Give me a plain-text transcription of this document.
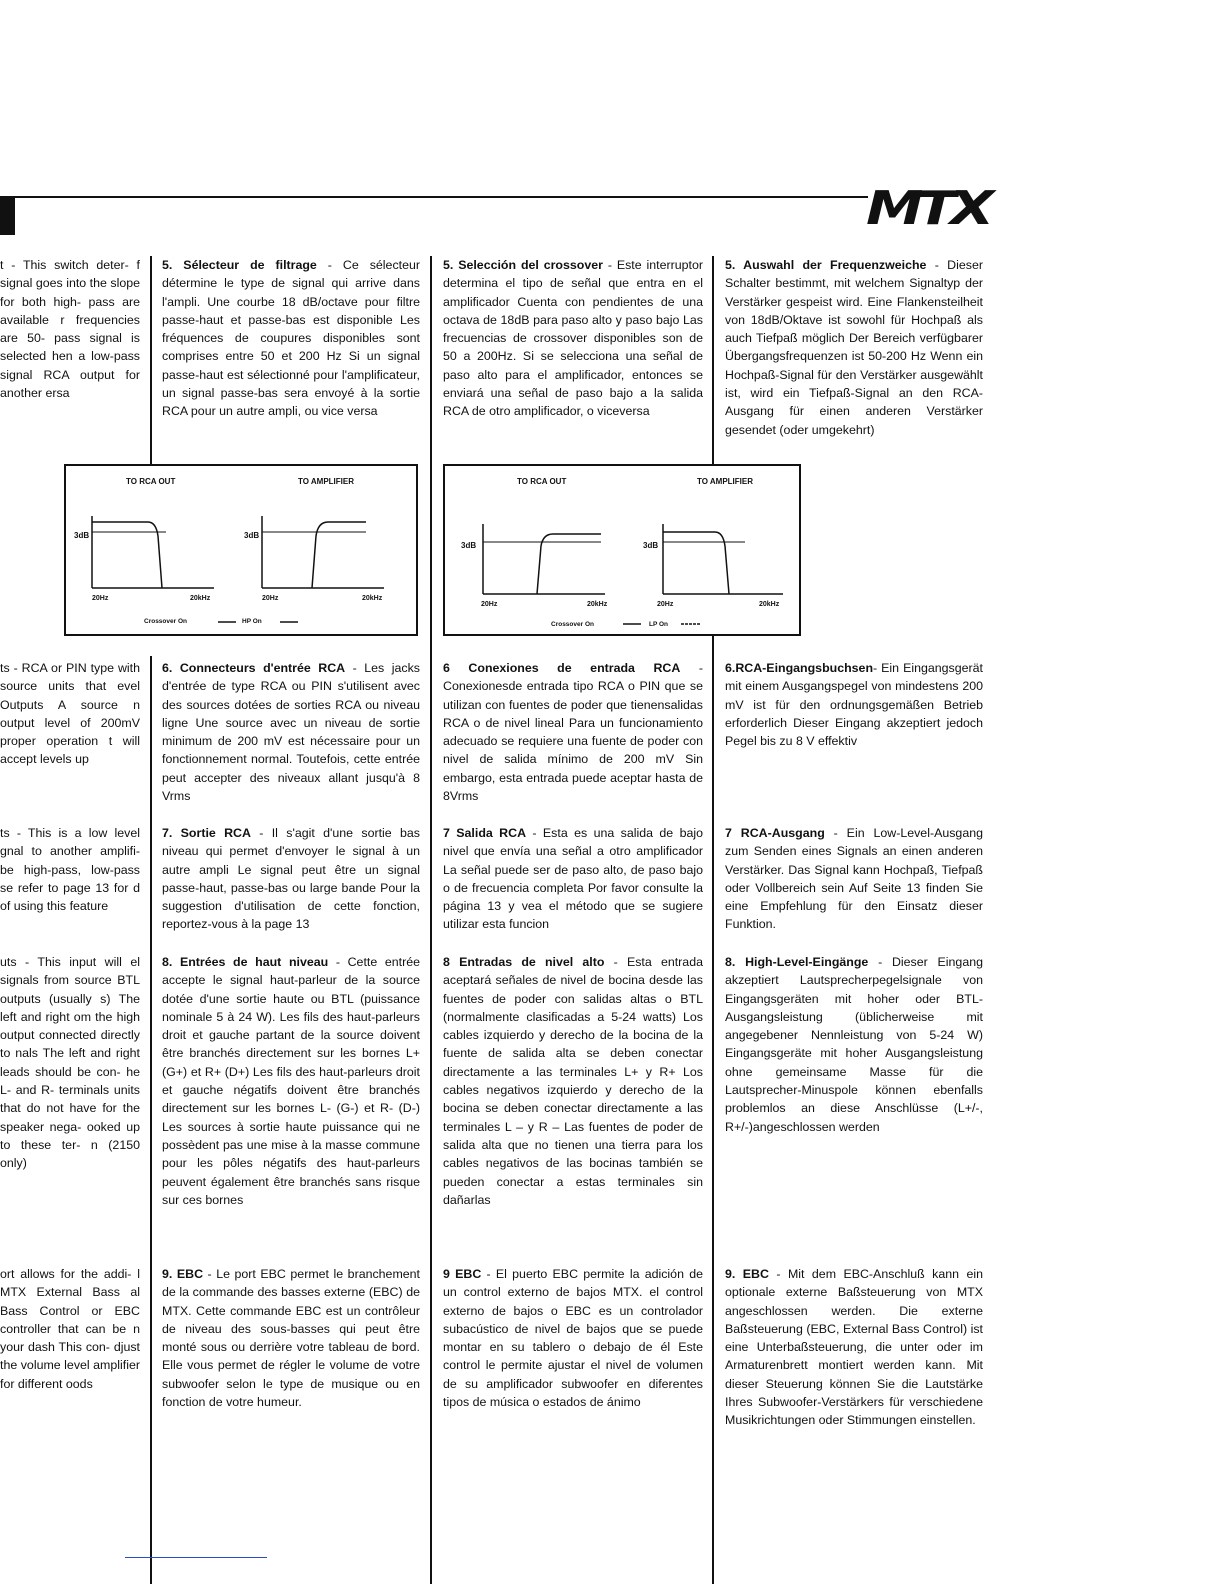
MTX

t - This switch deter- f signal goes into the slope for both high- pass are available r frequencies are 50- pass signal is selected hen a low-pass signal RCA output for another ersa

ts - RCA or PIN type with source units that evel Outputs A source n output level of 200mV proper operation t will accept levels up

ts - This is a low level gnal to another amplifi- be high-pass, low-pass se refer to page 13 for d of using this feature

uts - This input will el signals from source BTL outputs (usually s) The left and right om the high output connected directly to nals The left and right leads should be con- he L- and R- terminals units that do not have for the speaker nega- ooked up to these ter- n (2150 only)

ort allows for the addi- l MTX External Bass al Bass Control or EBC controller that can be n your dash This con- djust the volume level amplifier for different oods

5. Sélecteur de filtrage - Ce sélecteur détermine le type de signal qui arrive dans l'ampli. Une courbe 18 dB/octave pour filtre passe-haut et passe-bas est disponible Les fréquences de coupures disponibles sont comprises entre 50 et 200 Hz Si un signal passe-haut est sélectionné pour l'amplificateur, un signal passe-bas sera envoyé à la sortie RCA pour un autre ampli, ou vice versa

6. Connecteurs d'entrée RCA - Les jacks d'entrée de type RCA ou PIN s'utilisent avec des sources dotées de sorties RCA ou niveau ligne Une source avec un niveau de sortie minimum de 200 mV est nécessaire pour un fonctionnement normal. Toutefois, cette entrée peut accepter des niveaux allant jusqu'à 8 Vrms

7. Sortie RCA - Il s'agit d'une sortie bas niveau qui permet d'envoyer le signal à un autre ampli Le signal peut être un signal passe-haut, passe-bas ou large bande Pour la suggestion d'utilisation de cette fonction, reportez-vous à la page 13

8. Entrées de haut niveau - Cette entrée accepte le signal haut-parleur de la source dotée d'une sortie haute ou BTL (puissance nominale 5 à 24 W). Les fils des haut-parleurs droit et gauche partant de la source doivent être branchés directement sur les bornes L+ (G+) et R+ (D+) Les fils des haut-parleurs droit et gauche négatifs doivent être branchés directement sur les bornes L- (G-) et R- (D-) Les sources à sortie haute puissance qui ne possèdent pas une mise à la masse commune pour les pôles négatifs des haut-parleurs peuvent également être branchés sans risque sur ces bornes

9. EBC - Le port EBC permet le branchement de la commande des basses externe (EBC) de MTX. Cette commande EBC est un contrôleur de niveau des sous-basses qui peut être monté sous ou derrière votre tableau de bord. Elle vous permet de régler le volume de votre subwoofer selon le type de musique ou en fonction de votre humeur.

5. Selección del crossover - Este interruptor determina el tipo de señal que entra en el amplificador Cuenta con pendientes de una octava de 18dB para paso alto y paso bajo Las frecuencias de crossover disponibles son de 50 a 200Hz. Si se selecciona una señal de paso alto para el amplificador, entonces se enviará una señal de paso bajo a la salida RCA de otro amplificador, o viceversa

6 Conexiones de entrada RCA - Conexionesde entrada tipo RCA o PIN que se utilizan con fuentes de poder que tienensalidas RCA o de nivel lineal Para un funcionamiento adecuado se requiere una fuente de poder con nivel de salida mínimo de 200 mV Sin embargo, esta entrada puede aceptar hasta de 8Vrms

7 Salida RCA - Esta es una salida de bajo nivel que envía una señal a otro amplificador La señal puede ser de paso alto, de paso bajo o de frecuencia completa Por favor consulte la página 13 y vea el método que se sugiere utilizar esta funcion

8 Entradas de nivel alto - Esta entrada aceptará señales de nivel de bocina desde las fuentes de poder con salidas altas o BTL (normalmente clasificadas a 5-24 watts) Los cables izquierdo y derecho de la bocina de la fuente de salida alta se deben conectar directamente a las terminales L+ y R+ Los cables negativos izquierdo y derecho de la bocina se deben conectar directamente a las terminales L – y R – Las fuentes de poder de salida alta que no tienen una tierra para los cables negativos de las bocinas también se pueden conectar a estas terminales sin dañarlas

9 EBC - El puerto EBC permite la adición de un control externo de bajos MTX. el control externo de bajos o EBC es un controlador subacústico de nivel de bajos que se puede montar en su tablero o debajo de él Este control le permite ajustar el nivel de volumen de su amplificador subwoofer en diferentes tipos de música o estados de ánimo

5. Auswahl der Frequenzweiche - Dieser Schalter bestimmt, mit welchem Signaltyp der Verstärker gespeist wird. Eine Flankensteilheit von 18dB/Oktave ist sowohl für Hochpaß als auch Tiefpaß möglich Der Bereich verfügbarer Übergangsfrequenzen ist 50-200 Hz Wenn ein Hochpaß-Signal für den Verstärker ausgewählt ist, wird ein Tiefpaß-Signal an den RCA-Ausgang für einen anderen Verstärker gesendet (oder umgekehrt)

6.RCA-Eingangsbuchsen- Ein Eingangsgerät mit einem Ausgangspegel von mindestens 200 mV ist für den ordnungsgemäßen Betrieb erforderlich Dieser Eingang akzeptiert jedoch Pegel bis zu 8 V effektiv

7 RCA-Ausgang - Ein Low-Level-Ausgang zum Senden eines Signals an einen anderen Verstärker. Das Signal kann Hochpaß, Tiefpaß oder Vollbereich sein Auf Seite 13 finden Sie eine Empfehlung für den Einsatz dieser Funktion.

8. High-Level-Eingänge - Dieser Eingang akzeptiert Lautsprecherpegelsignale von Eingangsgeräten mit hoher oder BTL-Ausgangsleistung (üblicherweise mit angegebener Nennleistung von 5-24 W) Eingangsgeräte mit hoher Ausgangsleistung ohne gemeinsame Masse für die Lautsprecher-Minuspole können ebenfalls problemlos an diese Anschlüsse (L+/-, R+/-)angeschlossen werden

9. EBC - Mit dem EBC-Anschluß kann ein optionale externe Baßsteuerung von MTX angeschlossen werden. Die externe Baßsteuerung (EBC, External Bass Control) ist eine Unterbaßsteuerung, die unter oder im Armaturenbrett montiert werden kann. Mit dieser Steuerung können Sie die Lautstärke Ihres Subwoofer-Verstärkers für verschiedene Musikrichtungen oder Stimmungen einstellen.

TO RCA OUT	TO AMPLIFIER
3dB	3dB
20Hz	20kHz	20Hz	20kHz
Crossover On	HP On
TO RCA OUT	TO AMPLIFIER
3dB	3dB
20Hz	20kHz	20Hz	20kHz
Crossover On	LP On
